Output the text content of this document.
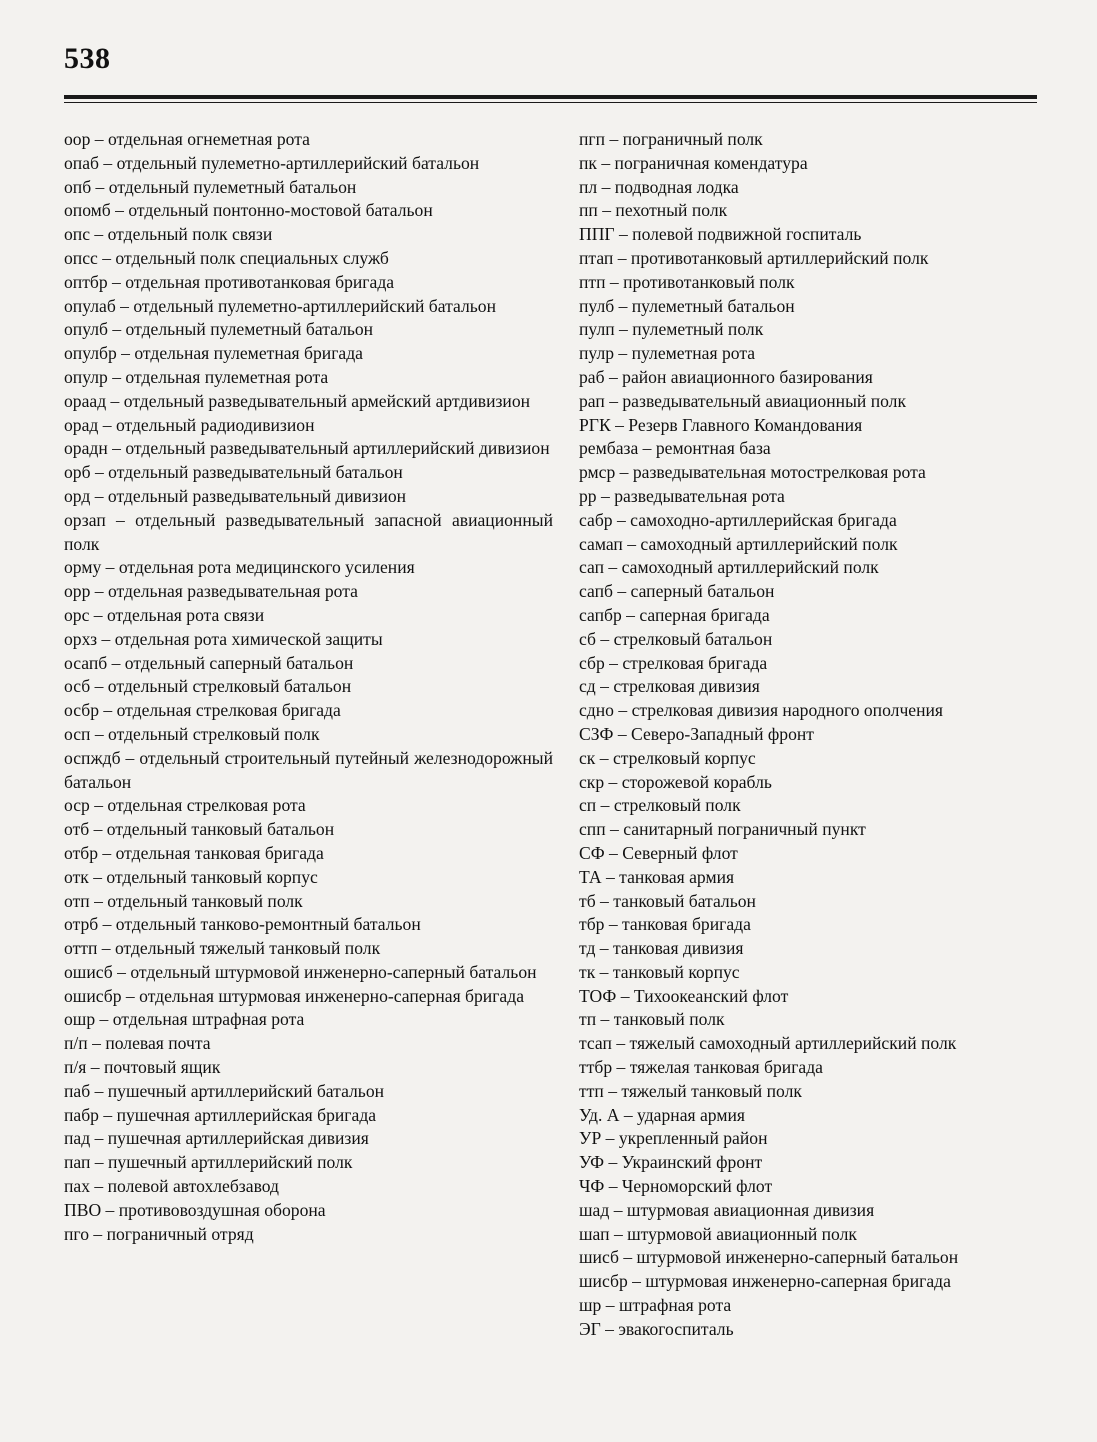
538

оор – отдельная огнеметная рота

опаб – отдельный пулеметно-артиллерийский батальон

опб – отдельный пулеметный батальон

опомб – отдельный понтонно-мостовой батальон

опс – отдельный полк связи

опсс – отдельный полк специальных служб

оптбр – отдельная противотанковая бригада

опулаб – отдельный пулеметно-артиллерийский батальон

опулб – отдельный пулеметный батальон

опулбр – отдельная пулеметная бригада

опулр – отдельная пулеметная рота

ораад – отдельный разведывательный армейский артдивизион

орад – отдельный радиодивизион

орадн – отдельный разведывательный артиллерийский дивизион

орб – отдельный разведывательный батальон

орд – отдельный разведывательный дивизион

орзап – отдельный разведывательный запасной авиационный полк

орму – отдельная рота медицинского усиления

орр – отдельная разведывательная рота

орс – отдельная рота связи

орхз – отдельная рота химической защиты

осапб – отдельный саперный батальон

осб – отдельный стрелковый батальон

осбр – отдельная стрелковая бригада

осп – отдельный стрелковый полк

оспждб – отдельный строительный путейный железнодорожный батальон

оср – отдельная стрелковая рота

отб – отдельный танковый батальон

отбр – отдельная танковая бригада

отк – отдельный танковый корпус

отп – отдельный танковый полк

отрб – отдельный танково-ремонтный батальон

оттп – отдельный тяжелый танковый полк

ошисб – отдельный штурмовой инженерно-саперный батальон

ошисбр – отдельная штурмовая инженерно-саперная бригада

ошр – отдельная штрафная рота

п/п – полевая почта

п/я – почтовый ящик

паб – пушечный артиллерийский батальон

пабр – пушечная артиллерийская бригада

пад – пушечная артиллерийская дивизия

пап – пушечный артиллерийский полк

пах – полевой автохлебзавод

ПВО – противовоздушная оборона

пго – пограничный отряд

пгп – пограничный полк

пк – пограничная комендатура

пл – подводная лодка

пп – пехотный полк

ППГ – полевой подвижной госпиталь

птап – противотанковый артиллерийский полк

птп – противотанковый полк

пулб – пулеметный батальон

пулп – пулеметный полк

пулр – пулеметная рота

раб – район авиационного базирования

рап – разведывательный авиационный полк

РГК – Резерв Главного Командования

рембаза – ремонтная база

рмср – разведывательная мотострелковая рота

рр – разведывательная рота

сабр – самоходно-артиллерийская бригада

самап – самоходный артиллерийский полк

сап – самоходный артиллерийский полк

сапб – саперный батальон

сапбр – саперная бригада

сб – стрелковый батальон

сбр – стрелковая бригада

сд – стрелковая дивизия

сдно – стрелковая дивизия народного ополчения

СЗФ – Северо-Западный фронт

ск – стрелковый корпус

скр – сторожевой корабль

сп – стрелковый полк

спп – санитарный пограничный пункт

СФ – Северный флот

ТА – танковая армия

тб – танковый батальон

тбр – танковая бригада

тд – танковая дивизия

тк – танковый корпус

ТОФ – Тихоокеанский флот

тп – танковый полк

тсап – тяжелый самоходный артиллерийский полк

ттбр – тяжелая танковая бригада

ттп – тяжелый танковый полк

Уд. А – ударная армия

УР – укрепленный район

УФ – Украинский фронт

ЧФ – Черноморский флот

шад – штурмовая авиационная дивизия

шап – штурмовой авиационный полк

шисб – штурмовой инженерно-саперный батальон

шисбр – штурмовая инженерно-саперная бригада

шр – штрафная рота

ЭГ – эвакогоспиталь
